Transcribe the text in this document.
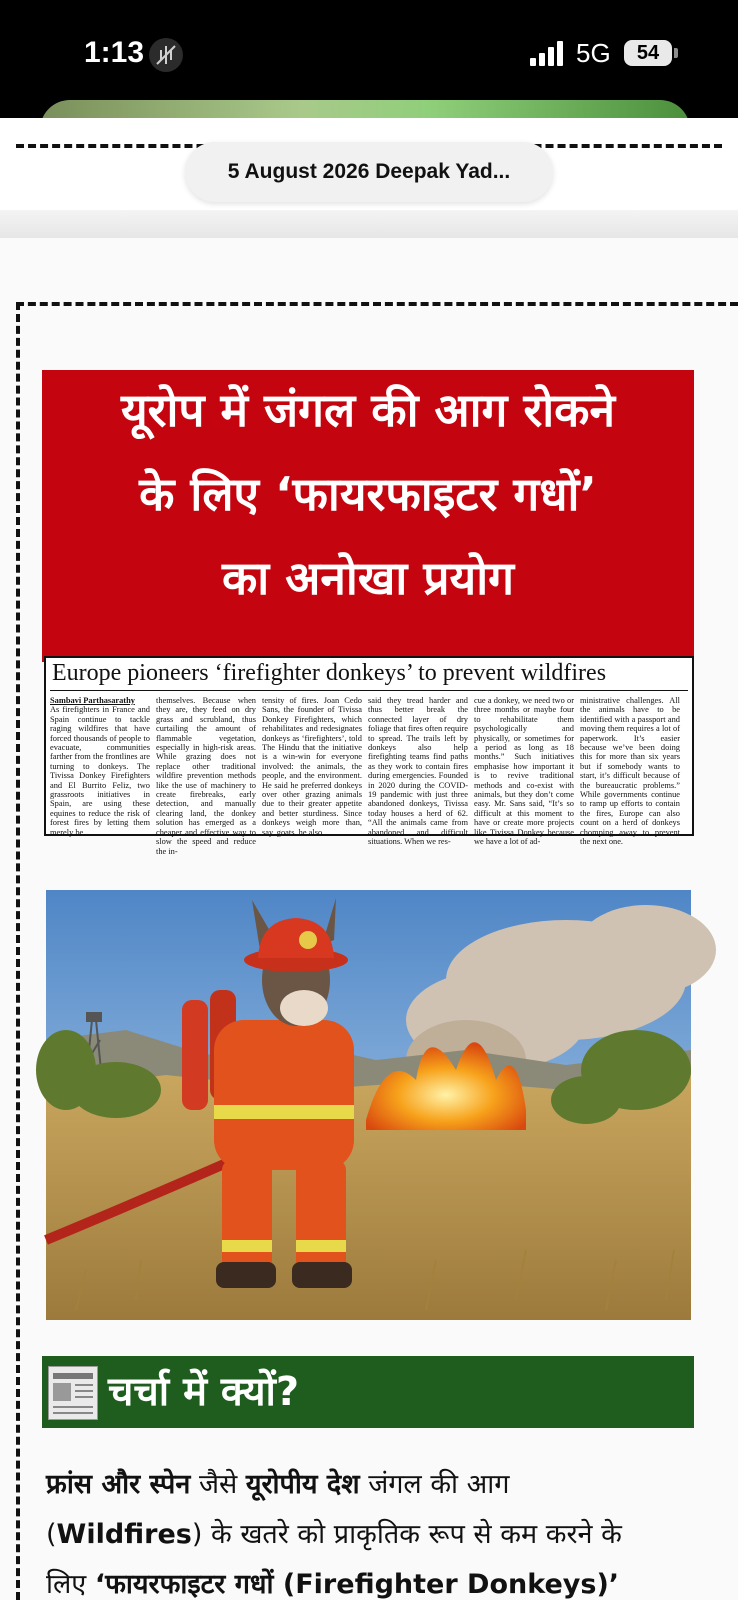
1:13	5G	54
5 August 2026 Deepak Yad...
यूरोप में जंगल की आग रोकने
के लिए ‘फायरफाइटर गधों’
का अनोखा प्रयोग
Europe pioneers ‘firefighter donkeys’ to prevent wildfires
Sambavi Parthasarathy
As firefighters in France and Spain continue to tackle raging wildfires that have forced thousands of people to evacuate, communities farther from the frontlines are turning to donkeys. The Tivissa Donkey Firefighters and El Burrito Feliz, two grassroots initiatives in Spain, are using these equines to reduce the risk of forest fires by letting them merely be
themselves. Because when they are, they feed on dry grass and scrubland, thus curtailing the amount of flammable vegetation, especially in high-risk areas. While grazing does not replace other traditional wildfire prevention methods like the use of machinery to create firebreaks, early detection, and manually clearing land, the donkey solution has emerged as a cheaper and effective way to slow the speed and reduce the in-
tensity of fires. Joan Cedo Sans, the founder of Tivissa Donkey Firefighters, which rehabilitates and redesignates donkeys as ‘firefighters’, told The Hindu that the initiative is a win-win for everyone involved: the animals, the people, and the environment. He said he preferred donkeys over other grazing animals due to their greater appetite and better sturdiness. Since donkeys weigh more than, say, goats, he also
said they tread harder and thus better break the connected layer of dry foliage that fires often require to spread. The trails left by donkeys also help firefighting teams find paths as they work to contain fires during emergencies. Founded in 2020 during the COVID-19 pandemic with just three abandoned donkeys, Tivissa today houses a herd of 62. “All the animals came from abandoned and difficult situations. When we res-
cue a donkey, we need two or three months or maybe four to rehabilitate them psychologically and physically, or sometimes for a period as long as 18 months.” Such initiatives emphasise how important it is to revive traditional methods and co-exist with animals, but they don’t come easy. Mr. Sans said, “It’s so difficult at this moment to have or create more projects like Tivissa Donkey because we have a lot of ad-
ministrative challenges. All the animals have to be identified with a passport and moving them requires a lot of paperwork. It’s easier because we’ve been doing this for more than six years but if somebody wants to start, it’s difficult because of the bureaucratic problems.” While governments continue to ramp up efforts to contain the fires, Europe can also count on a herd of donkeys chomping away to prevent the next one.
चर्चा में क्यों?
फ्रांस और स्पेन जैसे यूरोपीय देश जंगल की आग
(Wildfires) के खतरे को प्राकृतिक रूप से कम करने के
लिए ‘फायरफाइटर गधों (Firefighter Donkeys)’
